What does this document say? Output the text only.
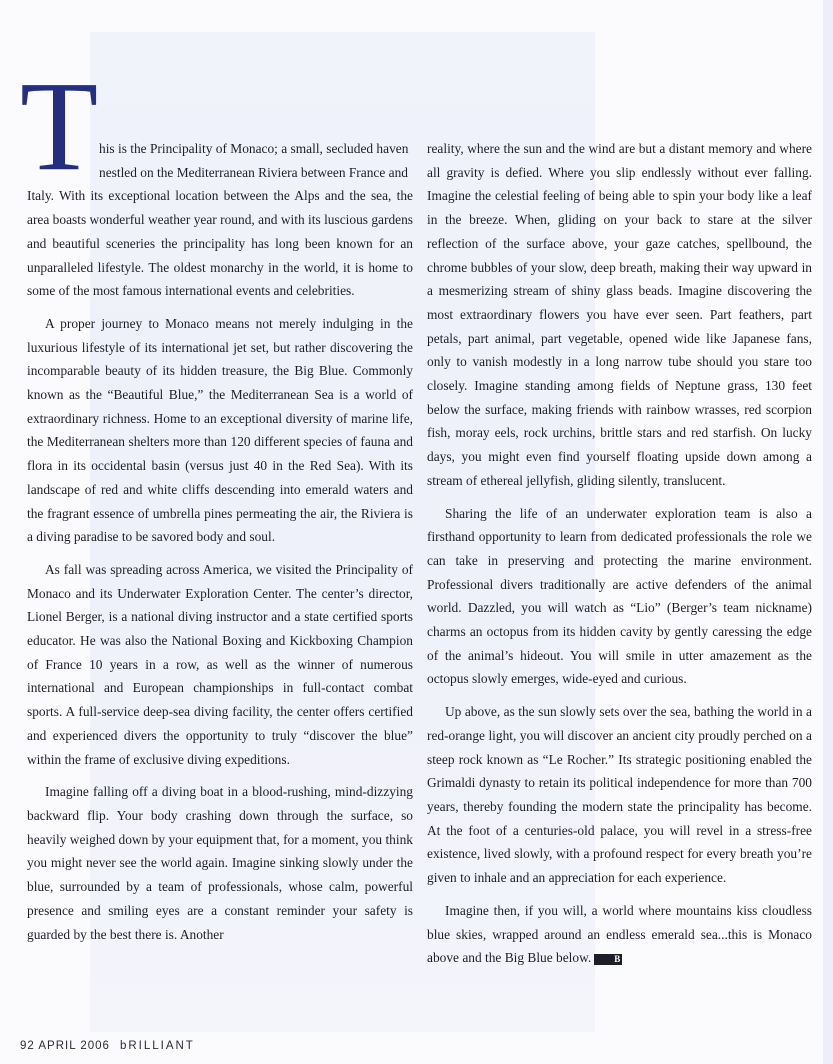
T his is the Principality of Monaco; a small, secluded haven
nestled on the Mediterranean Riviera between France and

Italy. With its exceptional location between the Alps and the sea, the area boasts wonderful weather year round, and with its luscious gardens and beautiful sceneries the principality has long been known for an unparalleled lifestyle. The oldest monarchy in the world, it is home to some of the most famous international events and celebrities.

A proper journey to Monaco means not merely indulging in the luxurious lifestyle of its international jet set, but rather discovering the incomparable beauty of its hidden treasure, the Big Blue. Commonly known as the “Beautiful Blue,” the Mediterranean Sea is a world of extraordinary richness. Home to an exceptional diversity of marine life, the Mediterranean shelters more than 120 different species of fauna and flora in its occidental basin (versus just 40 in the Red Sea). With its landscape of red and white cliffs descending into emerald waters and the fragrant essence of umbrella pines permeating the air, the Riviera is a diving paradise to be savored body and soul.

As fall was spreading across America, we visited the Principality of Monaco and its Underwater Exploration Center. The center’s director, Lionel Berger, is a national diving instructor and a state certified sports educator. He was also the National Boxing and Kickboxing Champion of France 10 years in a row, as well as the winner of numerous international and European championships in full-contact combat sports. A full-service deep-sea diving facility, the center offers certified and experienced divers the opportunity to truly “discover the blue” within the frame of exclusive diving expeditions.

Imagine falling off a diving boat in a blood-rushing, mind-dizzying backward flip. Your body crashing down through the surface, so heavily weighed down by your equipment that, for a moment, you think you might never see the world again. Imagine sinking slowly under the blue, surrounded by a team of professionals, whose calm, powerful presence and smiling eyes are a constant reminder your safety is guarded by the best there is. Another

reality, where the sun and the wind are but a distant memory and where all gravity is defied. Where you slip endlessly without ever falling. Imagine the celestial feeling of being able to spin your body like a leaf in the breeze. When, gliding on your back to stare at the silver reflection of the surface above, your gaze catches, spellbound, the chrome bubbles of your slow, deep breath, making their way upward in a mesmerizing stream of shiny glass beads. Imagine discovering the most extraordinary flowers you have ever seen. Part feathers, part petals, part animal, part vegetable, opened wide like Japanese fans, only to vanish modestly in a long narrow tube should you stare too closely. Imagine standing among fields of Neptune grass, 130 feet below the surface, making friends with rainbow wrasses, red scorpion fish, moray eels, rock urchins, brittle stars and red starfish. On lucky days, you might even find yourself floating upside down among a stream of ethereal jellyfish, gliding silently, translucent.

Sharing the life of an underwater exploration team is also a firsthand opportunity to learn from dedicated professionals the role we can take in preserving and protecting the marine environment. Professional divers traditionally are active defenders of the animal world. Dazzled, you will watch as “Lio” (Berger’s team nickname) charms an octopus from its hidden cavity by gently caressing the edge of the animal’s hideout. You will smile in utter amazement as the octopus slowly emerges, wide-eyed and curious.

Up above, as the sun slowly sets over the sea, bathing the world in a red-orange light, you will discover an ancient city proudly perched on a steep rock known as “Le Rocher.” Its strategic positioning enabled the Grimaldi dynasty to retain its political independence for more than 700 years, thereby founding the modern state the principality has become. At the foot of a centuries-old palace, you will revel in a stress-free existence, lived slowly, with a profound respect for every breath you’re given to inhale and an appreciation for each experience.

Imagine then, if you will, a world where mountains kiss cloudless blue skies, wrapped around an endless emerald sea...this is Monaco above and the Big Blue below.	B

92 APRIL 2006 bRILLIANT
